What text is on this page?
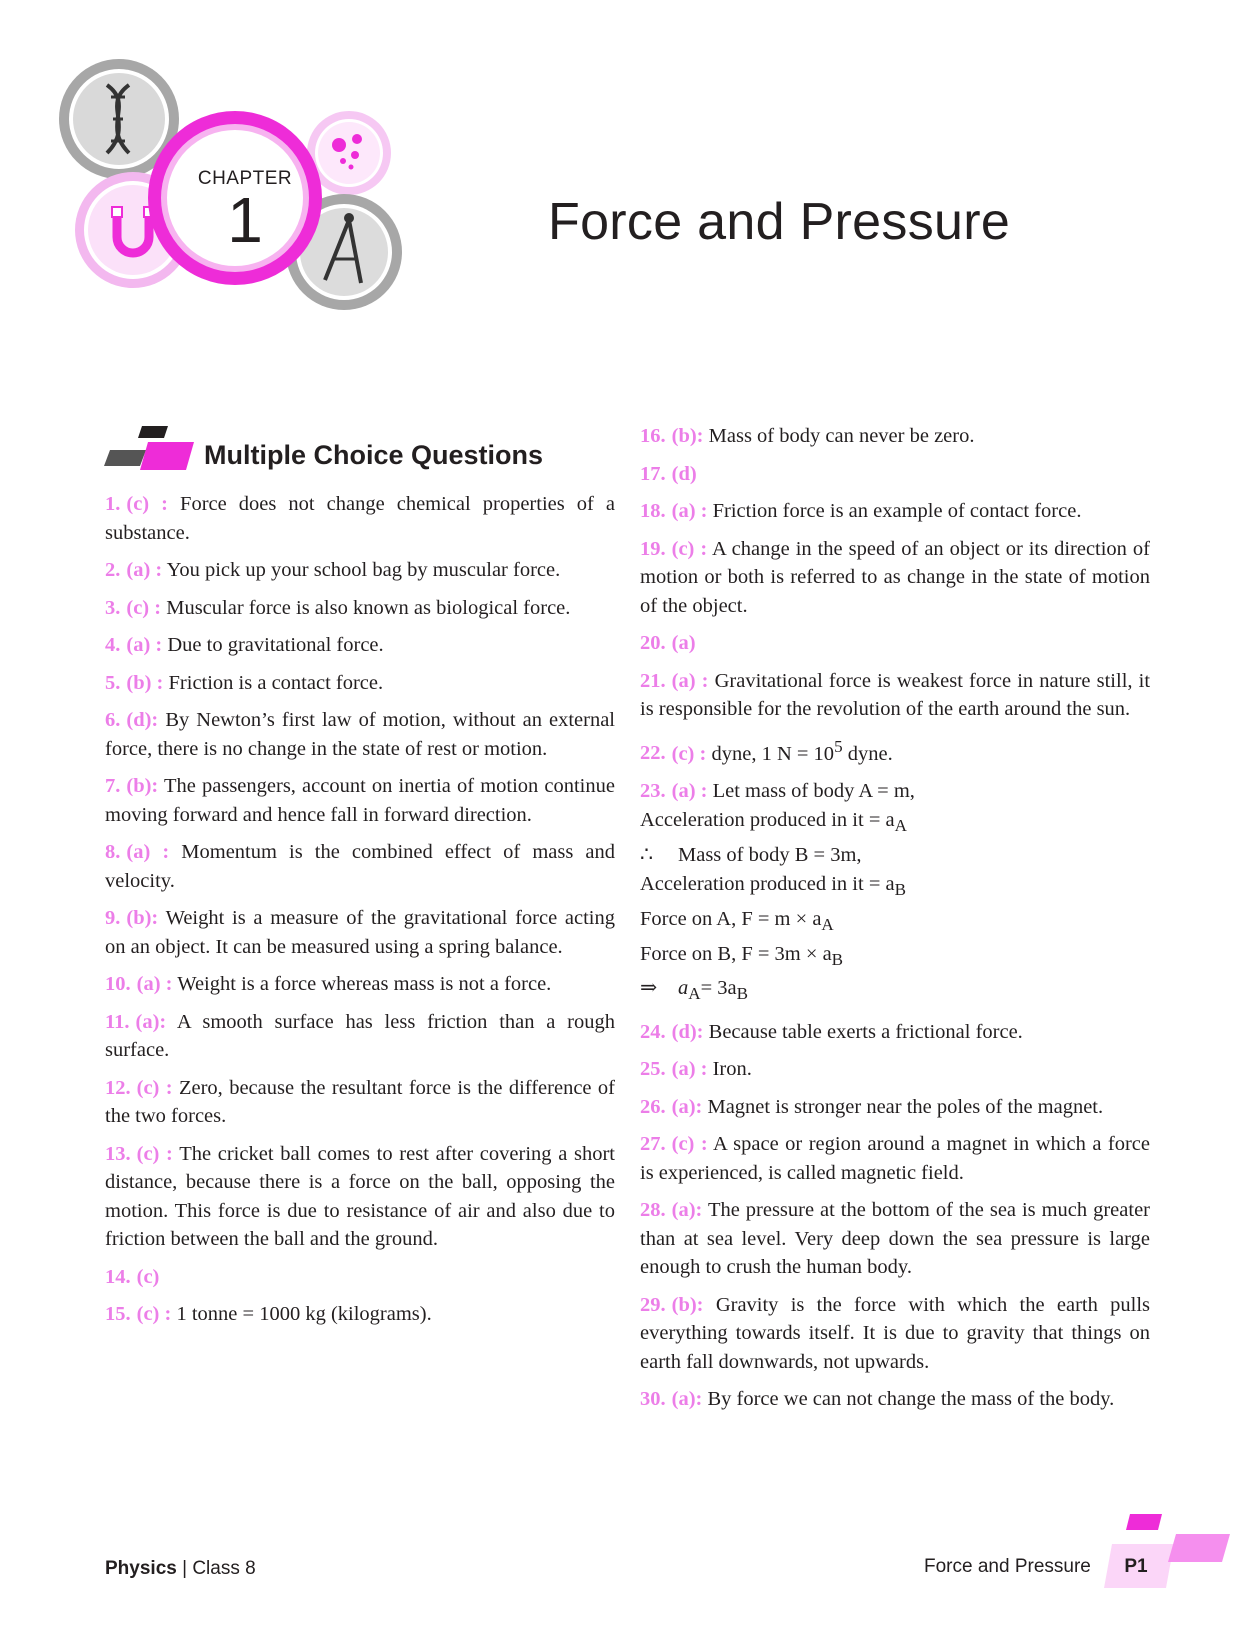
CHAPTER
1	Force and Pressure
Multiple Choice Questions

1. (c) : Force does not change chemical properties of a substance.

2. (a) : You pick up your school bag by muscular force.

3. (c) : Muscular force is also known as biological force.

4. (a) : Due to gravitational force.

5. (b) : Friction is a contact force.

6. (d): By Newton’s first law of motion, without an external force, there is no change in the state of rest or motion.

7. (b): The passengers, account on inertia of motion continue moving forward and hence fall in forward direction.

8. (a) : Momentum is the combined effect of mass and velocity.

9. (b): Weight is a measure of the gravitational force acting on an object. It can be measured using a spring balance.

10. (a) : Weight is a force whereas mass is not a force.

11. (a): A smooth surface has less friction than a rough surface.

12. (c) : Zero, because the resultant force is the difference of the two forces.

13. (c) : The cricket ball comes to rest after covering a short distance, because there is a force on the ball, opposing the motion. This force is due to resistance of air and also due to friction between the ball and the ground.

14. (c)

15. (c) : 1 tonne = 1000 kg (kilograms).

16. (b): Mass of body can never be zero.

17. (d)

18. (a) : Friction force is an example of contact force.

19. (c) : A change in the speed of an object or its direction of motion or both is referred to as change in the state of motion of the object.

20. (a)

21. (a) : Gravitational force is weakest force in nature still, it is responsible for the revolution of the earth around the sun.

22. (c) : dyne, 1 $N = 10^5$ dyne.

23. (a) : Let mass of body A = m,

Acceleration produced in it = $a_A$

∴ Mass of body B = 3m,

Acceleration produced in it = $a_B$

Force on A, $F = m \times a_A$

Force on B, $F = 3m \times a_B$

⇒ $a_A= 3a_B$

24. (d): Because table exerts a frictional force.

25. (a) : Iron.

26. (a): Magnet is stronger near the poles of the magnet.

27. (c) : A space or region around a magnet in which a force is experienced, is called magnetic field.

28. (a): The pressure at the bottom of the sea is much greater than at sea level. Very deep down the sea pressure is large enough to crush the human body.

29. (b): Gravity is the force with which the earth pulls everything towards itself. It is due to gravity that things on earth fall downwards, not upwards.

30. (a): By force we can not change the mass of the body.

Physics | Class 8	Force and Pressure	P1
